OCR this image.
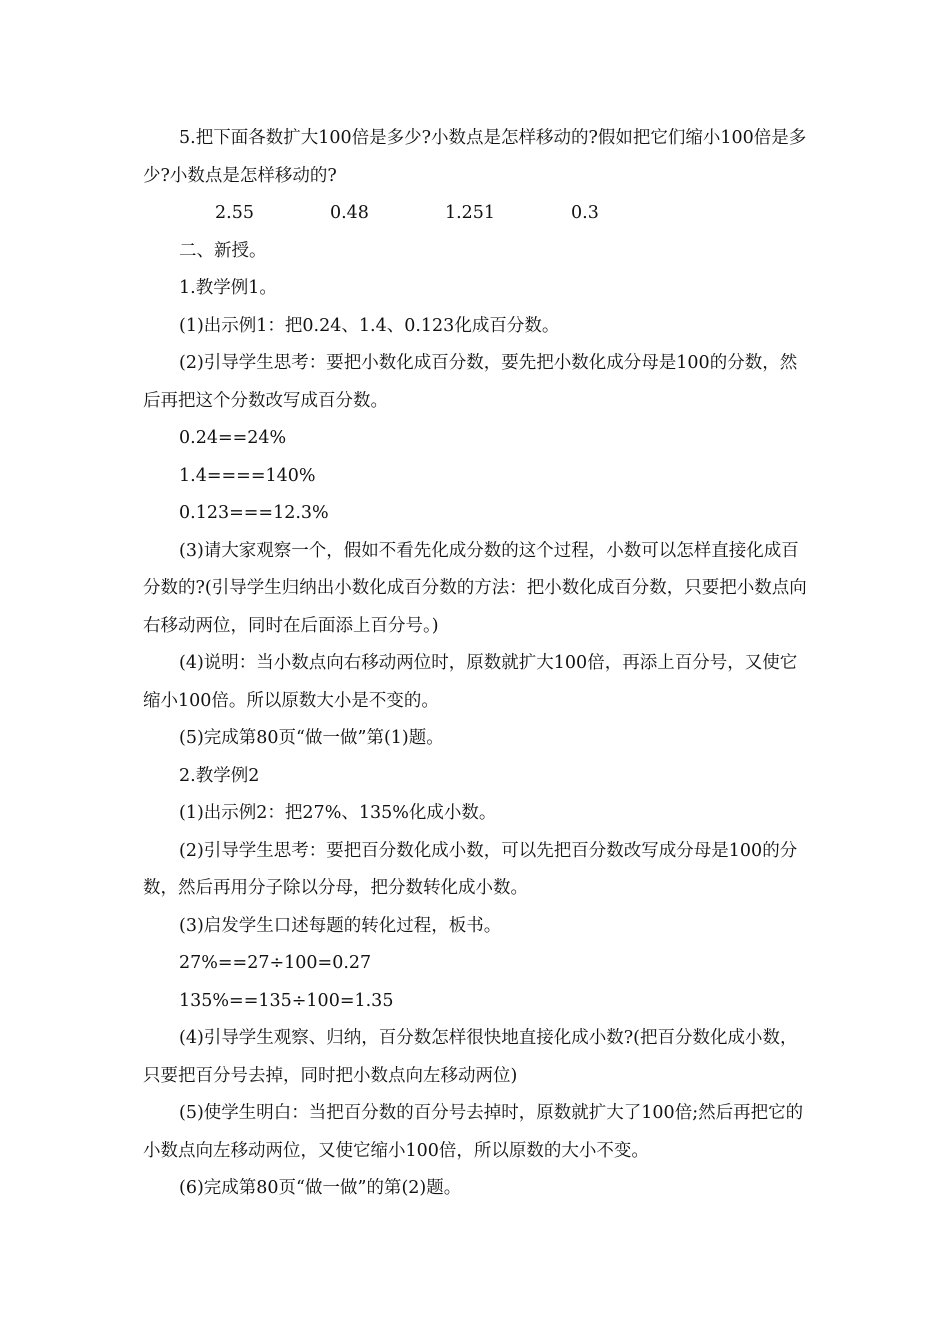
5.把下面各数扩大100倍是多少?小数点是怎样移动的?假如把它们缩小100倍是多少?小数点是怎样移动的?

2.55	0.48	1.251	0.3

二、新授。

1.教学例1。

(1)出示例1：把0.24、1.4、0.123化成百分数。

(2)引导学生思考：要把小数化成百分数，要先把小数化成分母是100的分数，然后再把这个分数改写成百分数。

0.24==24%

1.4====140%

0.123===12.3%

(3)请大家观察一个，假如不看先化成分数的这个过程，小数可以怎样直接化成百分数的?(引导学生归纳出小数化成百分数的方法：把小数化成百分数，只要把小数点向右移动两位，同时在后面添上百分号。)

(4)说明：当小数点向右移动两位时，原数就扩大100倍，再添上百分号，又使它缩小100倍。所以原数大小是不变的。

(5)完成第80页“做一做”第(1)题。

2.教学例2

(1)出示例2：把27%、135%化成小数。

(2)引导学生思考：要把百分数化成小数，可以先把百分数改写成分母是100的分数，然后再用分子除以分母，把分数转化成小数。

(3)启发学生口述每题的转化过程，板书。

27%==27÷100=0.27

135%==135÷100=1.35

(4)引导学生观察、归纳，百分数怎样很快地直接化成小数?(把百分数化成小数，只要把百分号去掉，同时把小数点向左移动两位)

(5)使学生明白：当把百分数的百分号去掉时，原数就扩大了100倍;然后再把它的小数点向左移动两位，又使它缩小100倍，所以原数的大小不变。

(6)完成第80页“做一做”的第(2)题。
